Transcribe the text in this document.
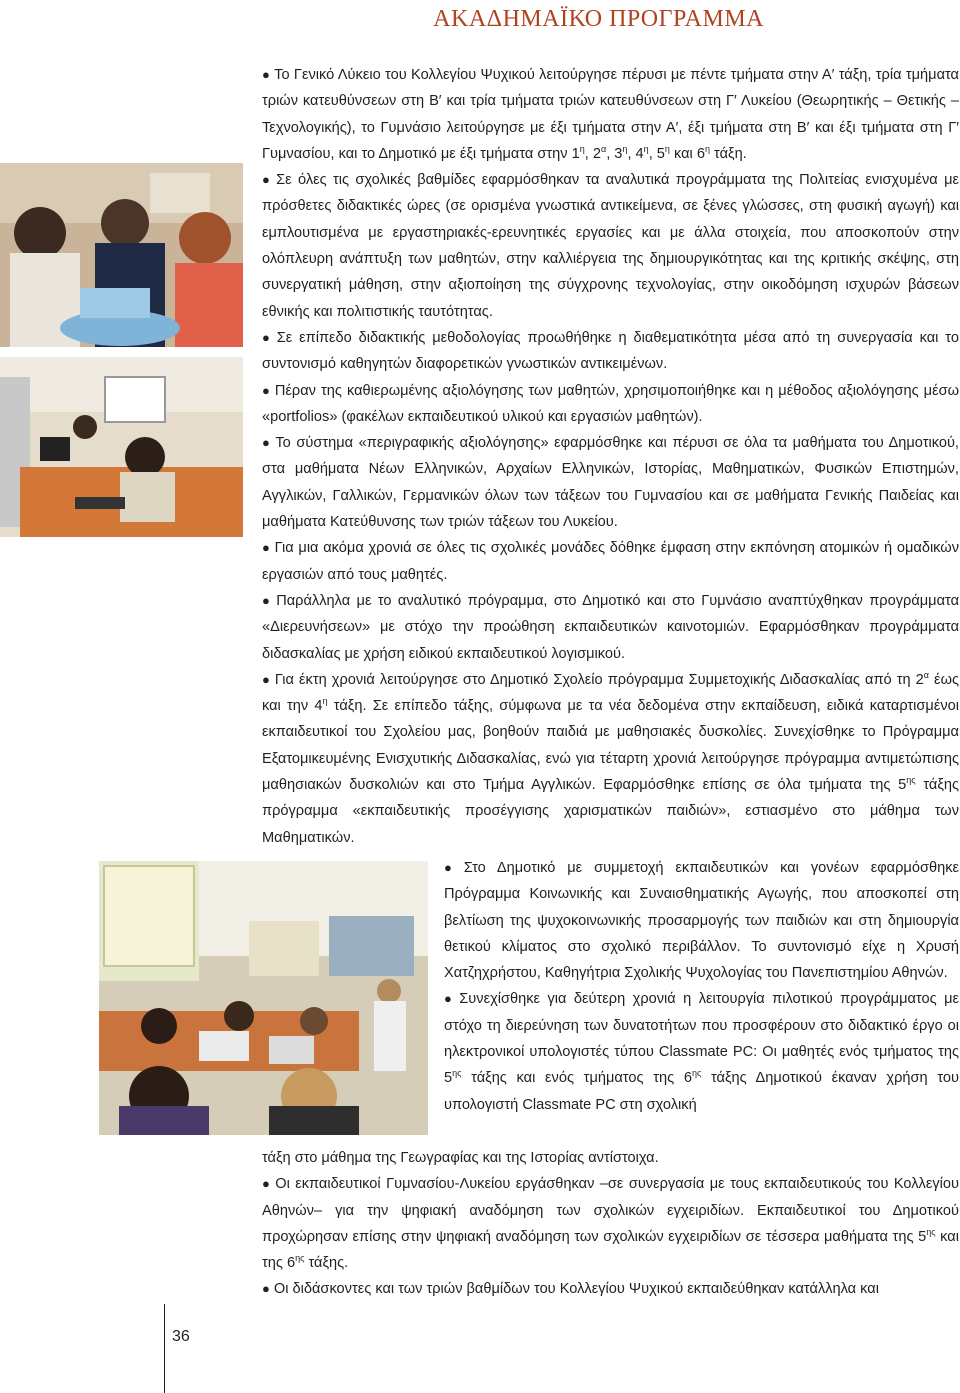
ΑΚΑΔΗΜΑΪΚΟ ΠΡΟΓΡΑΜΜΑ

● Το Γενικό Λύκειο του Κολλεγίου Ψυχικού λειτούργησε πέρυσι με πέντε τμήματα στην Α′ τάξη, τρία τμήματα τριών κατευθύνσεων στη Β′ και τρία τμήματα τριών κατευθύνσεων στη Γ′ Λυκείου (Θεωρητικής – Θετικής – Τεχνολογικής), το Γυμνάσιο λειτούργησε με έξι τμήματα στην Α′, έξι τμήματα στη Β′ και έξι τμήματα στη Γ′ Γυμνασίου, και το Δημοτικό με έξι τμήματα στην $1^\eta$, $2^\alpha$, $3^\eta$, $4^\eta$, $5^\eta$ και $6^\eta$ τάξη.

● Σε όλες τις σχολικές βαθμίδες εφαρμόσθηκαν τα αναλυτικά προγράμματα της Πολιτείας ενισχυμένα με πρόσθετες διδακτικές ώρες (σε ορισμένα γνωστικά αντικείμενα, σε ξένες γλώσσες, στη φυσική αγωγή) και εμπλουτισμένα με εργαστηριακές-ερευνητικές εργασίες και με άλλα στοιχεία, που αποσκοπούν στην ολόπλευρη ανάπτυξη των μαθητών, στην καλλιέργεια της δημιουργικότητας και της κριτικής σκέψης, στη συνεργατική μάθηση, στην αξιοποίηση της σύγχρονης τεχνολογίας, στην οικοδόμηση ισχυρών βάσεων εθνικής και πολιτιστικής ταυτότητας.

● Σε επίπεδο διδακτικής μεθοδολογίας προωθήθηκε η διαθεματικότητα μέσα από τη συνεργασία και το συντονισμό καθηγητών διαφορετικών γνωστικών αντικειμένων.

● Πέραν της καθιερωμένης αξιολόγησης των μαθητών, χρησιμοποιήθηκε και η μέθοδος αξιολόγησης μέσω «portfolios» (φακέλων εκπαιδευτικού υλικού και εργασιών μαθητών).

● Το σύστημα «περιγραφικής αξιολόγησης» εφαρμόσθηκε και πέρυσι σε όλα τα μαθήματα του Δημοτικού, στα μαθήματα Νέων Ελληνικών, Αρχαίων Ελληνικών, Ιστορίας, Μαθηματικών, Φυσικών Επιστημών, Αγγλικών, Γαλλικών, Γερμανικών όλων των τάξεων του Γυμνασίου και σε μαθήματα Γενικής Παιδείας και μαθήματα Κατεύθυνσης των τριών τάξεων του Λυκείου.

● Για μια ακόμα χρονιά σε όλες τις σχολικές μονάδες δόθηκε έμφαση στην εκπόνηση ατομικών ή ομαδικών εργασιών από τους μαθητές.

● Παράλληλα με το αναλυτικό πρόγραμμα, στο Δημοτικό και στο Γυμνάσιο αναπτύχθηκαν προγράμματα «Διερευνήσεων» με στόχο την προώθηση εκπαιδευτικών καινοτομιών. Εφαρμόσθηκαν προγράμματα διδασκαλίας με χρήση ειδικού εκπαιδευτικού λογισμικού.

● Για έκτη χρονιά λειτούργησε στο Δημοτικό Σχολείο πρόγραμμα Συμμετοχικής Διδασκαλίας από τη $2^\alpha$ έως και την $4^\eta$ τάξη. Σε επίπεδο τάξης, σύμφωνα με τα νέα δεδομένα στην εκπαίδευση, ειδικά καταρτισμένοι εκπαιδευτικοί του Σχολείου μας, βοηθούν παιδιά με μαθησιακές δυσκολίες. Συνεχίσθηκε το Πρόγραμμα Εξατομικευμένης Ενισχυτικής Διδασκαλίας, ενώ για τέταρτη χρονιά λειτούργησε πρόγραμμα αντιμετώπισης μαθησιακών δυσκολιών και στο Τμήμα Αγγλικών. Εφαρμόσθηκε επίσης σε όλα τμήματα της $5^{\eta\varsigma}$ τάξης πρόγραμμα «εκπαιδευτικής προσέγγισης χαρισματικών παιδιών», εστιασμένο στο μάθημα των Μαθηματικών.

● Στο Δημοτικό με συμμετοχή εκπαιδευτικών και γονέων εφαρμόσθηκε Πρόγραμμα Κοινωνικής και Συναισθηματικής Αγωγής, που αποσκοπεί στη βελτίωση της ψυχοκοινωνικής προσαρμογής των παιδιών και στη δημιουργία θετικού κλίματος στο σχολικό περιβάλλον. Το συντονισμό είχε η Χρυσή Χατζηχρήστου, Καθηγήτρια Σχολικής Ψυχολογίας του Πανεπιστημίου Αθηνών.

● Συνεχίσθηκε για δεύτερη χρονιά η λειτουργία πιλοτικού προγράμματος με στόχο τη διερεύνηση των δυνατοτήτων που προσφέρουν στο διδακτικό έργο οι ηλεκτρονικοί υπολογιστές τύπου Classmate PC: Οι μαθητές ενός τμήματος της $5^{\eta\varsigma}$ τάξης και ενός τμήματος της $6^{\eta\varsigma}$ τάξης Δημοτικού έκαναν χρήση του υπολογιστή Classmate PC στη σχολική

τάξη στο μάθημα της Γεωγραφίας και της Ιστορίας αντίστοιχα.

● Οι εκπαιδευτικοί Γυμνασίου-Λυκείου εργάσθηκαν –σε συνεργασία με τους εκπαιδευτικούς του Κολλεγίου Αθηνών– για την ψηφιακή αναδόμηση των σχολικών εγχειριδίων. Εκπαιδευτικοί του Δημοτικού προχώρησαν επίσης στην ψηφιακή αναδόμηση των σχολικών εγχειριδίων σε τέσσερα μαθήματα της $5^{\eta\varsigma}$ και της $6^{\eta\varsigma}$ τάξης.

● Οι διδάσκοντες και των τριών βαθμίδων του Κολλεγίου Ψυχικού εκπαιδεύθηκαν κατάλληλα και

36
